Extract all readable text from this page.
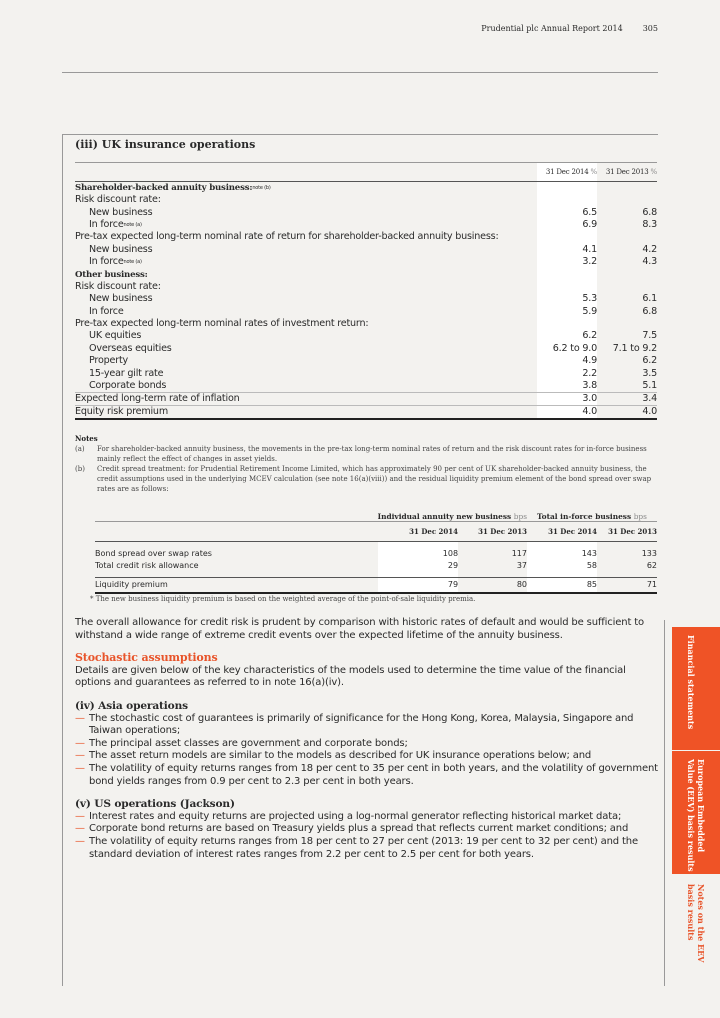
Prudential plc Annual Report 2014	305
(iii) UK insurance operations
	31 Dec 2014 %	31 Dec 2013 %
Shareholder-backed annuity business:$^{note (b)}$		
Risk discount rate:		
New business	6.5	6.8
In force$^{note (a)}$	6.9	8.3
Pre-tax expected long-term nominal rate of return for shareholder-backed annuity business:		
New business	4.1	4.2
In force$^{note (a)}$	3.2	4.3
Other business:		
Risk discount rate:		
New business	5.3	6.1
In force	5.9	6.8
Pre-tax expected long-term nominal rates of investment return:		
UK equities	6.2	7.5
Overseas equities	6.2 to 9.0	7.1 to 9.2
Property	4.9	6.2
15-year gilt rate	2.2	3.5
Corporate bonds	3.8	5.1
Expected long-term rate of inflation	3.0	3.4
Equity risk premium	4.0	4.0
Notes
(a)	For shareholder-backed annuity business, the movements in the pre-tax long-term nominal rates of return and the risk discount rates for in-force business mainly reflect the effect of changes in asset yields.
(b)	Credit spread treatment: for Prudential Retirement Income Limited, which has approximately 90 per cent of UK shareholder-backed annuity business, the credit assumptions used in the underlying MCEV calculation (see note 16(a)(viii)) and the residual liquidity premium element of the bond spread over swap rates are as follows:
	Individual annuity new business bps		Total in-force business bps	
	31 Dec 2014	31 Dec 2013	31 Dec 2014	31 Dec 2013

Bond spread over swap rates	108	117	143	133
Total credit risk allowance	29	37	58	62

Liquidity premium	79	80	85	71
* The new business liquidity premium is based on the weighted average of the point-of-sale liquidity premia.

The overall allowance for credit risk is prudent by comparison with historic rates of default and would be sufficient to withstand a wide range of extreme credit events over the expected lifetime of the annuity business.

Stochastic assumptions

Details are given below of the key characteristics of the models used to determine the time value of the financial options and guarantees as referred to in note 16(a)(iv).

(iv) Asia operations
— The stochastic cost of guarantees is primarily of significance for the Hong Kong, Korea, Malaysia, Singapore and Taiwan operations;
— The principal asset classes are government and corporate bonds;
— The asset return models are similar to the models as described for UK insurance operations below; and
— The volatility of equity returns ranges from 18 per cent to 35 per cent in both years, and the volatility of government bond yields ranges from 0.9 per cent to 2.3 per cent in both years.
(v) US operations (Jackson)
— Interest rates and equity returns are projected using a log-normal generator reflecting historical market data;
— Corporate bond returns are based on Treasury yields plus a spread that reflects current market conditions; and
— The volatility of equity returns ranges from 18 per cent to 27 per cent (2013: 19 per cent to 32 per cent) and the standard deviation of interest rates ranges from 2.2 per cent to 2.5 per cent for both years.
Financial statements
European Embedded Value (EEV) basis results
Notes on the EEV basis results
